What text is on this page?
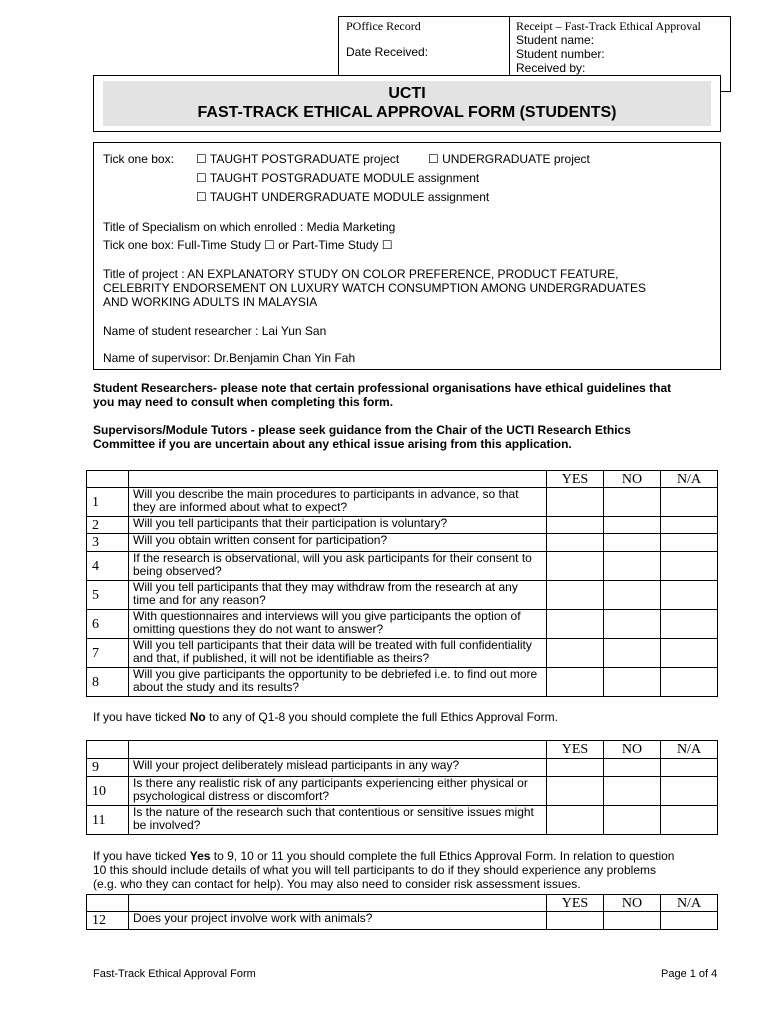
POffice Record
Date Received:
Receipt – Fast-Track Ethical Approval
Student name:
Student number:
Received by:
UCTI
FAST-TRACK ETHICAL APPROVAL FORM (STUDENTS)
Tick one box: ☐ TAUGHT POSTGRADUATE project ☐ UNDERGRADUATE project
☐ TAUGHT POSTGRADUATE MODULE assignment
☐ TAUGHT UNDERGRADUATE MODULE assignment
Title of Specialism on which enrolled : Media Marketing
Tick one box: Full-Time Study ☐ or Part-Time Study ☐
Title of project : AN EXPLANATORY STUDY ON COLOR PREFERENCE, PRODUCT FEATURE,
CELEBRITY ENDORSEMENT ON LUXURY WATCH CONSUMPTION AMONG UNDERGRADUATES
AND WORKING ADULTS IN MALAYSIA
Name of student researcher : Lai Yun San
Name of supervisor: Dr.Benjamin Chan Yin Fah
Student Researchers- please note that certain professional organisations have ethical guidelines that
you may need to consult when completing this form.
Supervisors/Module Tutors - please seek guidance from the Chair of the UCTI Research Ethics
Committee if you are uncertain about any ethical issue arising from this application.
		YES	NO	N/A
1	Will you describe the main procedures to participants in advance, so that they are informed about what to expect?			
2	Will you tell participants that their participation is voluntary?			
3	Will you obtain written consent for participation?			
4	If the research is observational, will you ask participants for their consent to being observed?			
5	Will you tell participants that they may withdraw from the research at any time and for any reason?			
6	With questionnaires and interviews will you give participants the option of omitting questions they do not want to answer?			
7	Will you tell participants that their data will be treated with full confidentiality and that, if published, it will not be identifiable as theirs?			
8	Will you give participants the opportunity to be debriefed i.e. to find out more about the study and its results?			
If you have ticked No to any of Q1-8 you should complete the full Ethics Approval Form.
		YES	NO	N/A
9	Will your project deliberately mislead participants in any way?			
10	Is there any realistic risk of any participants experiencing either physical or psychological distress or discomfort?			
11	Is the nature of the research such that contentious or sensitive issues might be involved?			
If you have ticked Yes to 9, 10 or 11 you should complete the full Ethics Approval Form. In relation to question
10 this should include details of what you will tell participants to do if they should experience any problems
(e.g. who they can contact for help). You may also need to consider risk assessment issues.
		YES	NO	N/A
12	Does your project involve work with animals?			
Fast-Track Ethical Approval Form	Page 1 of 4
